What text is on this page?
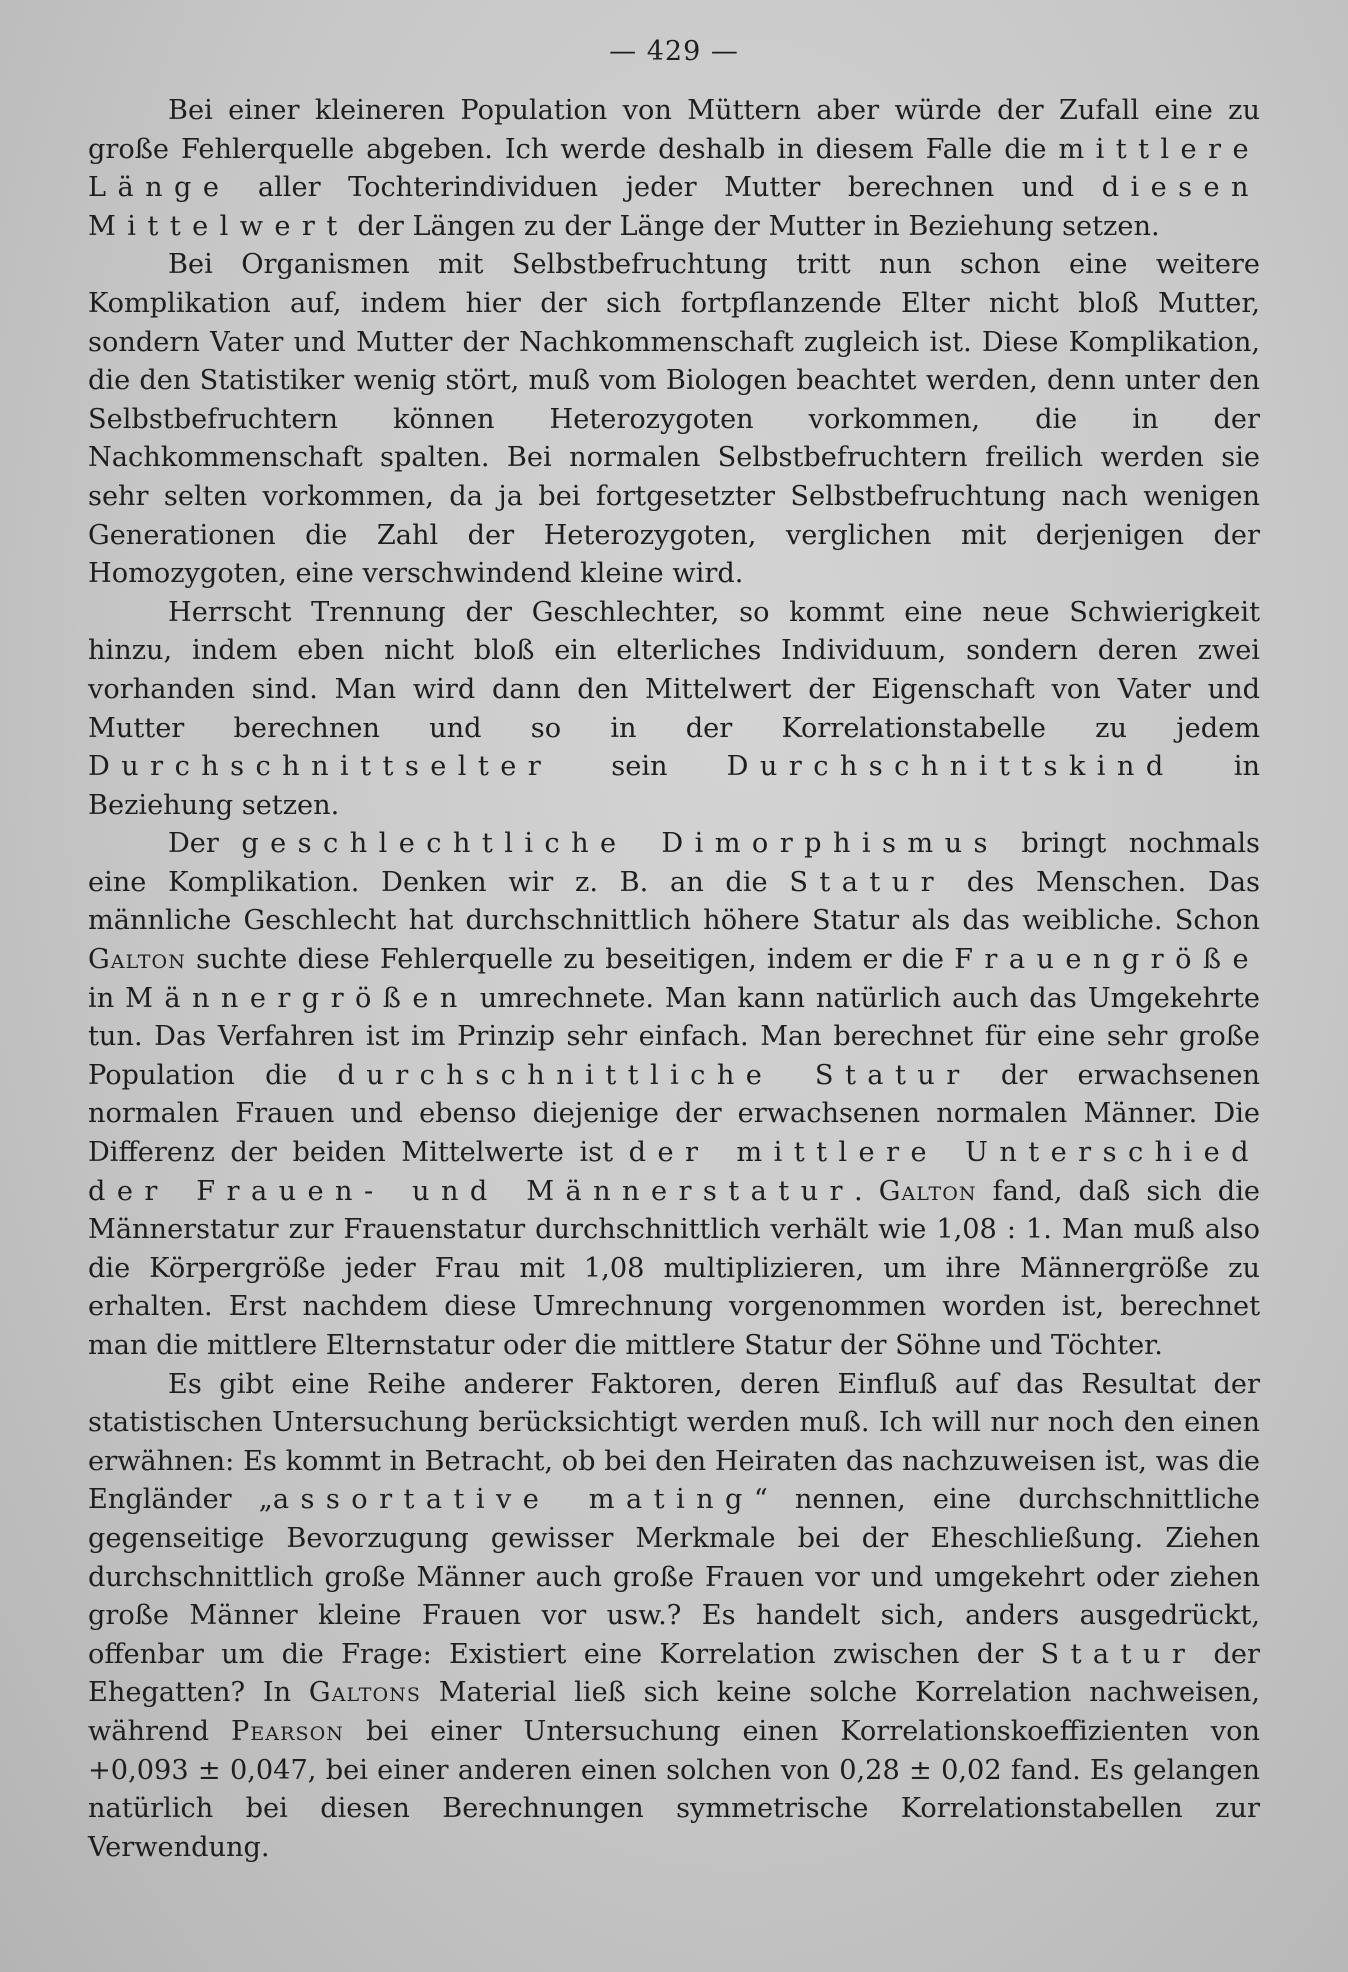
— 429 —

Bei einer kleineren Population von Müttern aber würde der Zufall eine zu große Fehlerquelle abgeben. Ich werde deshalb in diesem Falle die mittlere Länge aller Tochterindividuen jeder Mutter berechnen und diesen Mittelwert der Längen zu der Länge der Mutter in Beziehung setzen.

Bei Organismen mit Selbstbefruchtung tritt nun schon eine weitere Komplikation auf, indem hier der sich fortpflanzende Elter nicht bloß Mutter, sondern Vater und Mutter der Nachkommenschaft zugleich ist. Diese Komplikation, die den Statistiker wenig stört, muß vom Biologen beachtet werden, denn unter den Selbstbefruchtern können Heterozygoten vorkommen, die in der Nachkommenschaft spalten. Bei normalen Selbstbefruchtern freilich werden sie sehr selten vorkommen, da ja bei fortgesetzter Selbstbefruchtung nach wenigen Generationen die Zahl der Heterozygoten, verglichen mit derjenigen der Homozygoten, eine verschwindend kleine wird.

Herrscht Trennung der Geschlechter, so kommt eine neue Schwierigkeit hinzu, indem eben nicht bloß ein elterliches Individuum, sondern deren zwei vorhanden sind. Man wird dann den Mittelwert der Eigenschaft von Vater und Mutter berechnen und so in der Korrelationstabelle zu jedem Durchschnittselter sein Durchschnittskind in Beziehung setzen.

Der geschlechtliche Dimorphismus bringt nochmals eine Komplikation. Denken wir z. B. an die Statur des Menschen. Das männliche Geschlecht hat durchschnittlich höhere Statur als das weibliche. Schon Galton suchte diese Fehlerquelle zu beseitigen, indem er die Frauengröße in Männergrößen umrechnete. Man kann natürlich auch das Umgekehrte tun. Das Verfahren ist im Prinzip sehr einfach. Man berechnet für eine sehr große Population die durchschnittliche Statur der erwachsenen normalen Frauen und ebenso diejenige der erwachsenen normalen Männer. Die Differenz der beiden Mittelwerte ist der mittlere Unterschied der Frauen- und Männerstatur. Galton fand, daß sich die Männerstatur zur Frauenstatur durchschnittlich verhält wie 1,08 : 1. Man muß also die Körpergröße jeder Frau mit 1,08 multiplizieren, um ihre Männergröße zu erhalten. Erst nachdem diese Umrechnung vorgenommen worden ist, berechnet man die mittlere Elternstatur oder die mittlere Statur der Söhne und Töchter.

Es gibt eine Reihe anderer Faktoren, deren Einfluß auf das Resultat der statistischen Untersuchung berücksichtigt werden muß. Ich will nur noch den einen erwähnen: Es kommt in Betracht, ob bei den Heiraten das nachzuweisen ist, was die Engländer „assortative mating“ nennen, eine durchschnittliche gegenseitige Bevorzugung gewisser Merkmale bei der Eheschließung. Ziehen durchschnittlich große Männer auch große Frauen vor und umgekehrt oder ziehen große Männer kleine Frauen vor usw.? Es handelt sich, anders ausgedrückt, offenbar um die Frage: Existiert eine Korrelation zwischen der Statur der Ehegatten? In Galtons Material ließ sich keine solche Korrelation nachweisen, während Pearson bei einer Untersuchung einen Korrelationskoeffizienten von +0,093 ± 0,047, bei einer anderen einen solchen von 0,28 ± 0,02 fand. Es gelangen natürlich bei diesen Berechnungen symmetrische Korrelationstabellen zur Verwendung.
